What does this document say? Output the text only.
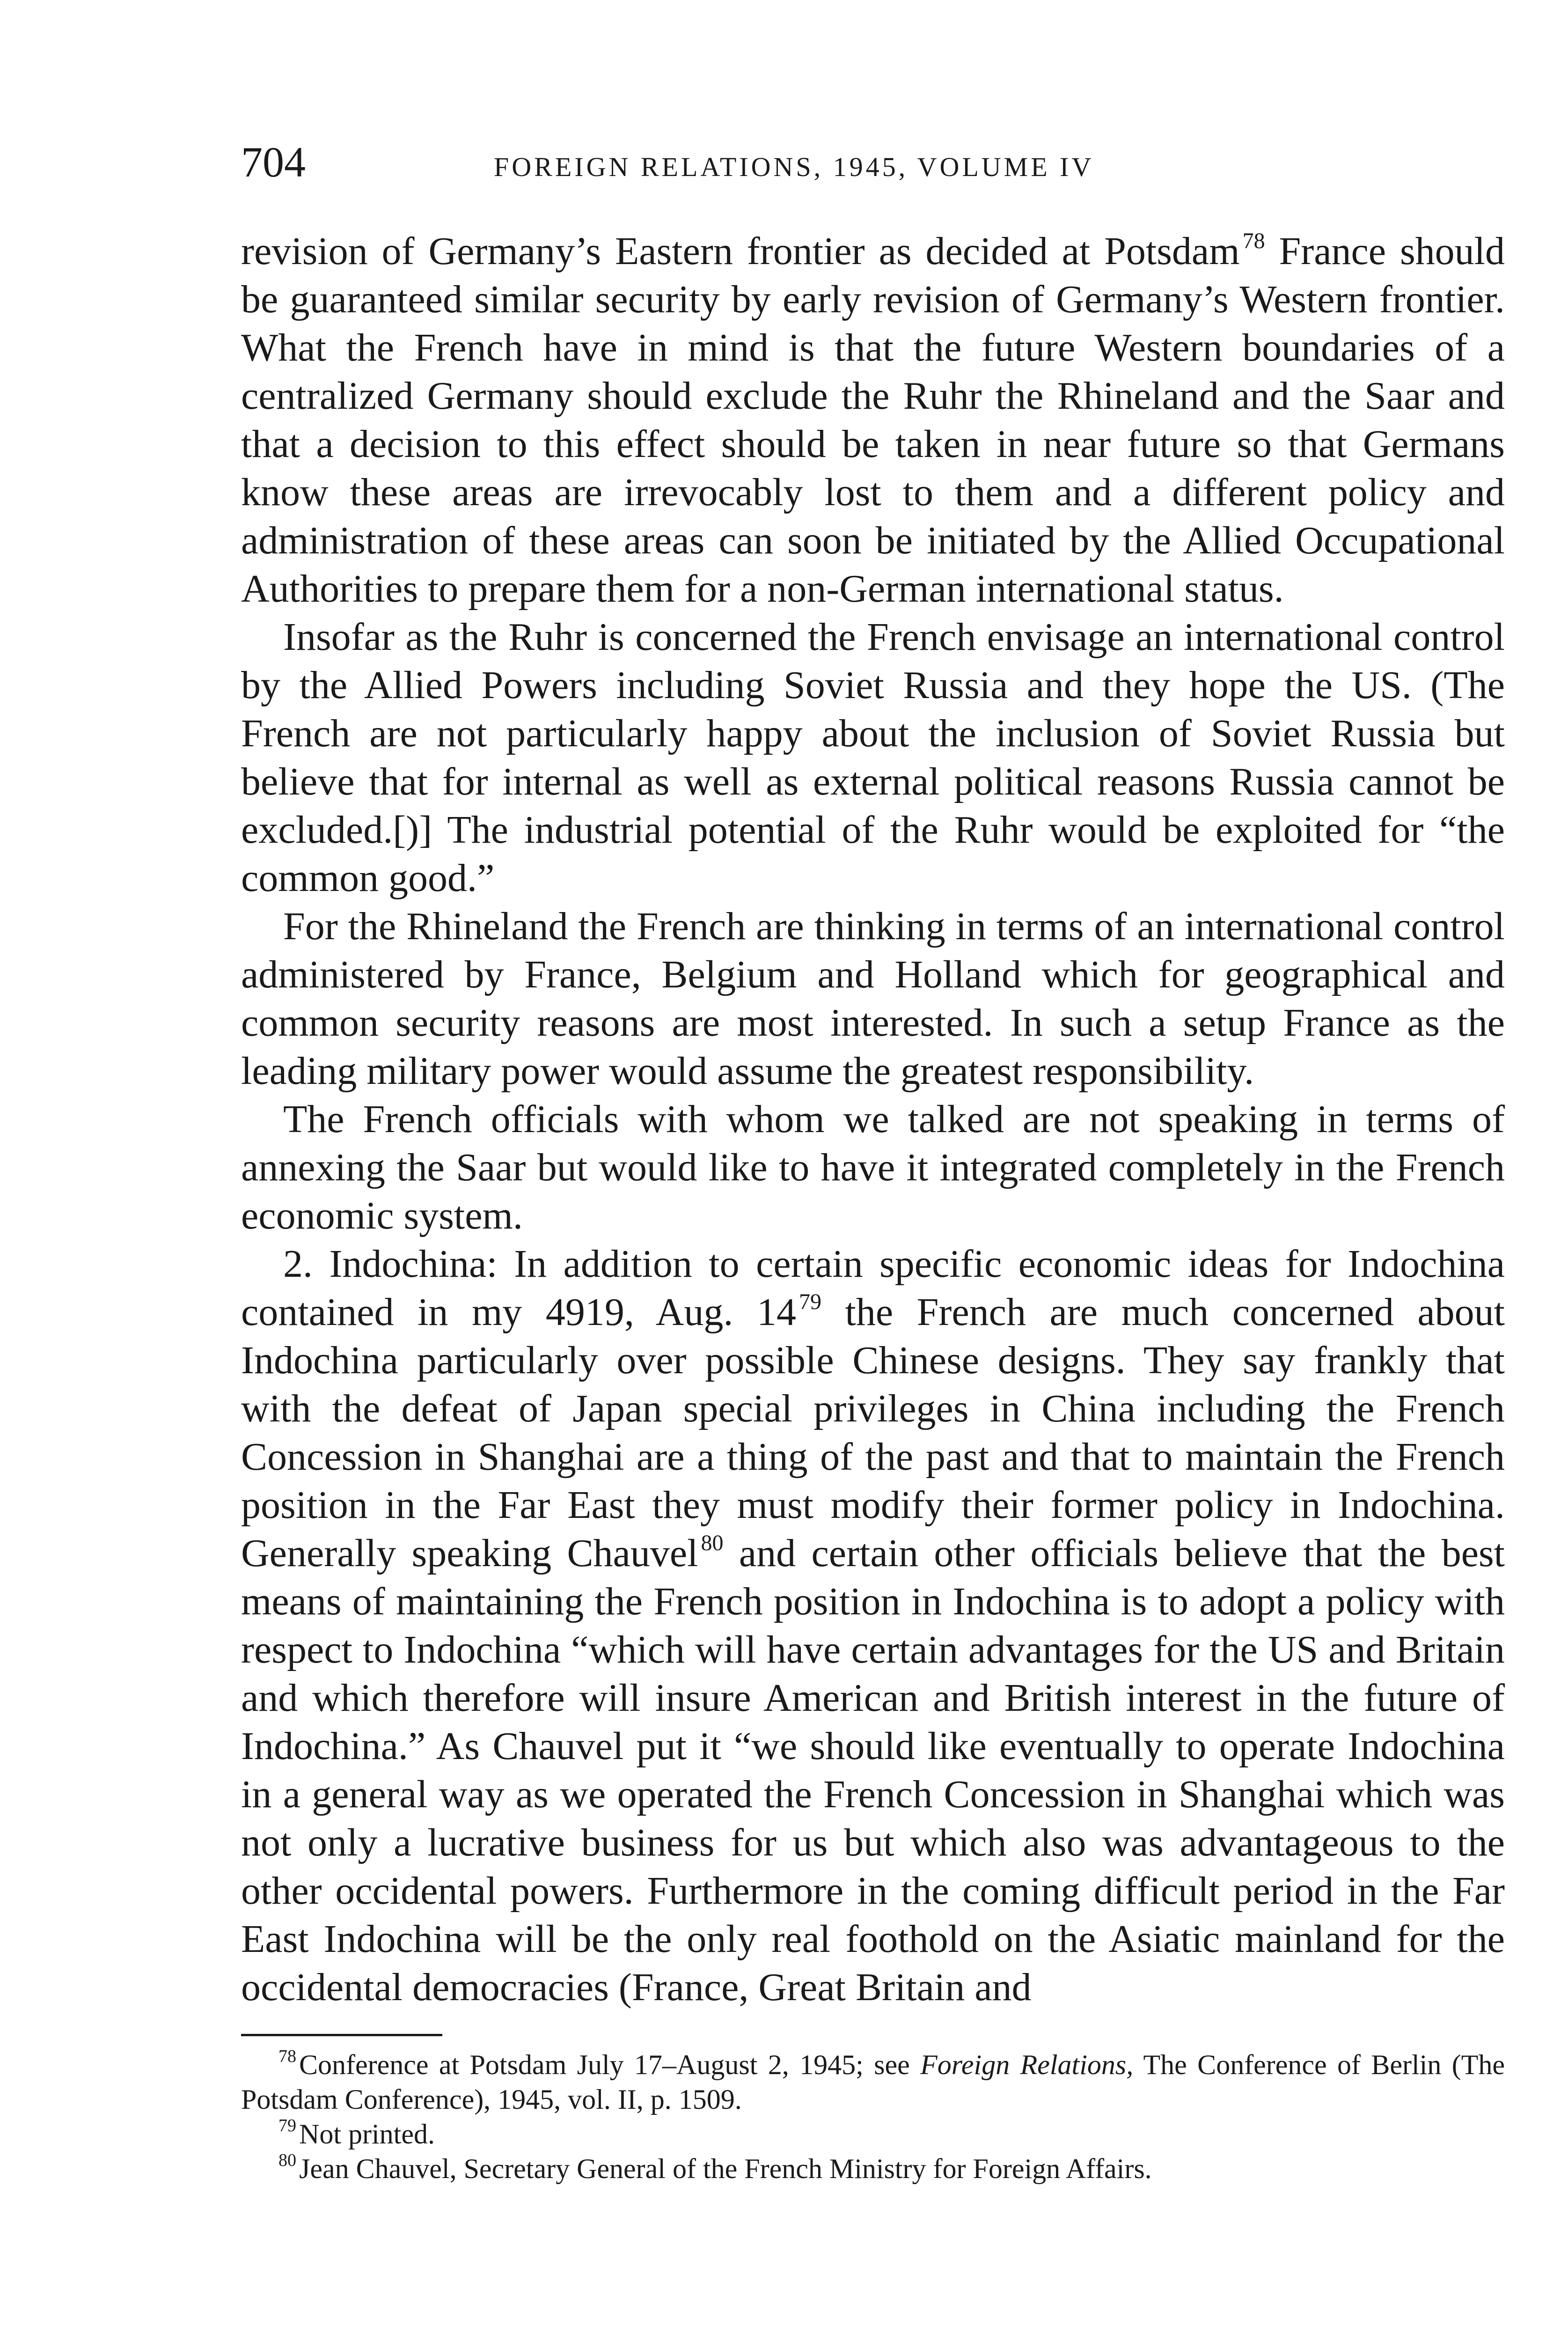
704	FOREIGN RELATIONS, 1945, VOLUME IV

revision of Germany’s Eastern frontier as decided at Potsdam $^{78}$ France should be guaranteed similar security by early revision of Germany’s Western frontier. What the French have in mind is that the future Western boundaries of a centralized Germany should exclude the Ruhr the Rhineland and the Saar and that a decision to this effect should be taken in near future so that Germans know these areas are irrevocably lost to them and a different policy and administration of these areas can soon be initiated by the Allied Occupational Authorities to prepare them for a non-German international status.

Insofar as the Ruhr is concerned the French envisage an international control by the Allied Powers including Soviet Russia and they hope the US. (The French are not particularly happy about the inclusion of Soviet Russia but believe that for internal as well as external political reasons Russia cannot be excluded.[)] The industrial potential of the Ruhr would be exploited for “the common good.”

For the Rhineland the French are thinking in terms of an international control administered by France, Belgium and Holland which for geographical and common security reasons are most interested. In such a setup France as the leading military power would assume the greatest responsibility.

The French officials with whom we talked are not speaking in terms of annexing the Saar but would like to have it integrated completely in the French economic system.

2. Indochina: In addition to certain specific economic ideas for Indochina contained in my 4919, Aug. 14 $^{79}$ the French are much concerned about Indochina particularly over possible Chinese designs. They say frankly that with the defeat of Japan special privileges in China including the French Concession in Shanghai are a thing of the past and that to maintain the French position in the Far East they must modify their former policy in Indochina. Generally speaking Chauvel $^{80}$ and certain other officials believe that the best means of maintaining the French position in Indochina is to adopt a policy with respect to Indochina “which will have certain advantages for the US and Britain and which therefore will insure American and British interest in the future of Indochina.” As Chauvel put it “we should like eventually to operate Indochina in a general way as we operated the French Concession in Shanghai which was not only a lucrative business for us but which also was advantageous to the other occidental powers. Furthermore in the coming difficult period in the Far East Indochina will be the only real foothold on the Asiatic mainland for the occidental democracies (France, Great Britain and

$^{78}$ Conference at Potsdam July 17–August 2, 1945; see Foreign Relations, The Conference of Berlin (The Potsdam Conference), 1945, vol. II, p. 1509.

$^{79}$ Not printed.

$^{80}$ Jean Chauvel, Secretary General of the French Ministry for Foreign Affairs.
